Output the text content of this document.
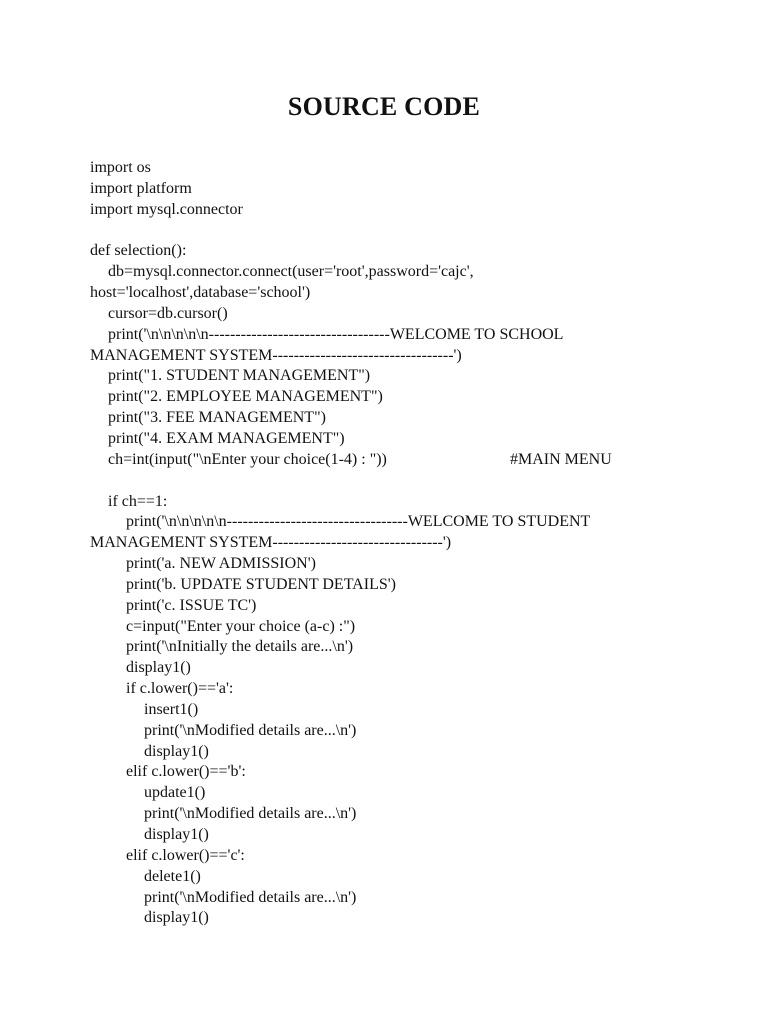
SOURCE CODE
import os
import platform
import mysql.connector
def selection():
db=mysql.connector.connect(user='root',password='cajc',
host='localhost',database='school')
cursor=db.cursor()
print('\n\n\n\n\n----------------------------------WELCOME TO SCHOOL
MANAGEMENT SYSTEM----------------------------------')
print("1. STUDENT MANAGEMENT")
print("2. EMPLOYEE MANAGEMENT")
print("3. FEE MANAGEMENT")
print("4. EXAM MANAGEMENT")
ch=int(input("\nEnter your choice(1-4) : "))	#MAIN MENU
if ch==1:
print('\n\n\n\n\n----------------------------------WELCOME TO STUDENT
MANAGEMENT SYSTEM--------------------------------')
print('a. NEW ADMISSION')
print('b. UPDATE STUDENT DETAILS')
print('c. ISSUE TC')
c=input("Enter your choice (a-c) :")
print('\nInitially the details are...\n')
display1()
if c.lower()=='a':
insert1()
print('\nModified details are...\n')
display1()
elif c.lower()=='b':
update1()
print('\nModified details are...\n')
display1()
elif c.lower()=='c':
delete1()
print('\nModified details are...\n')
display1()
